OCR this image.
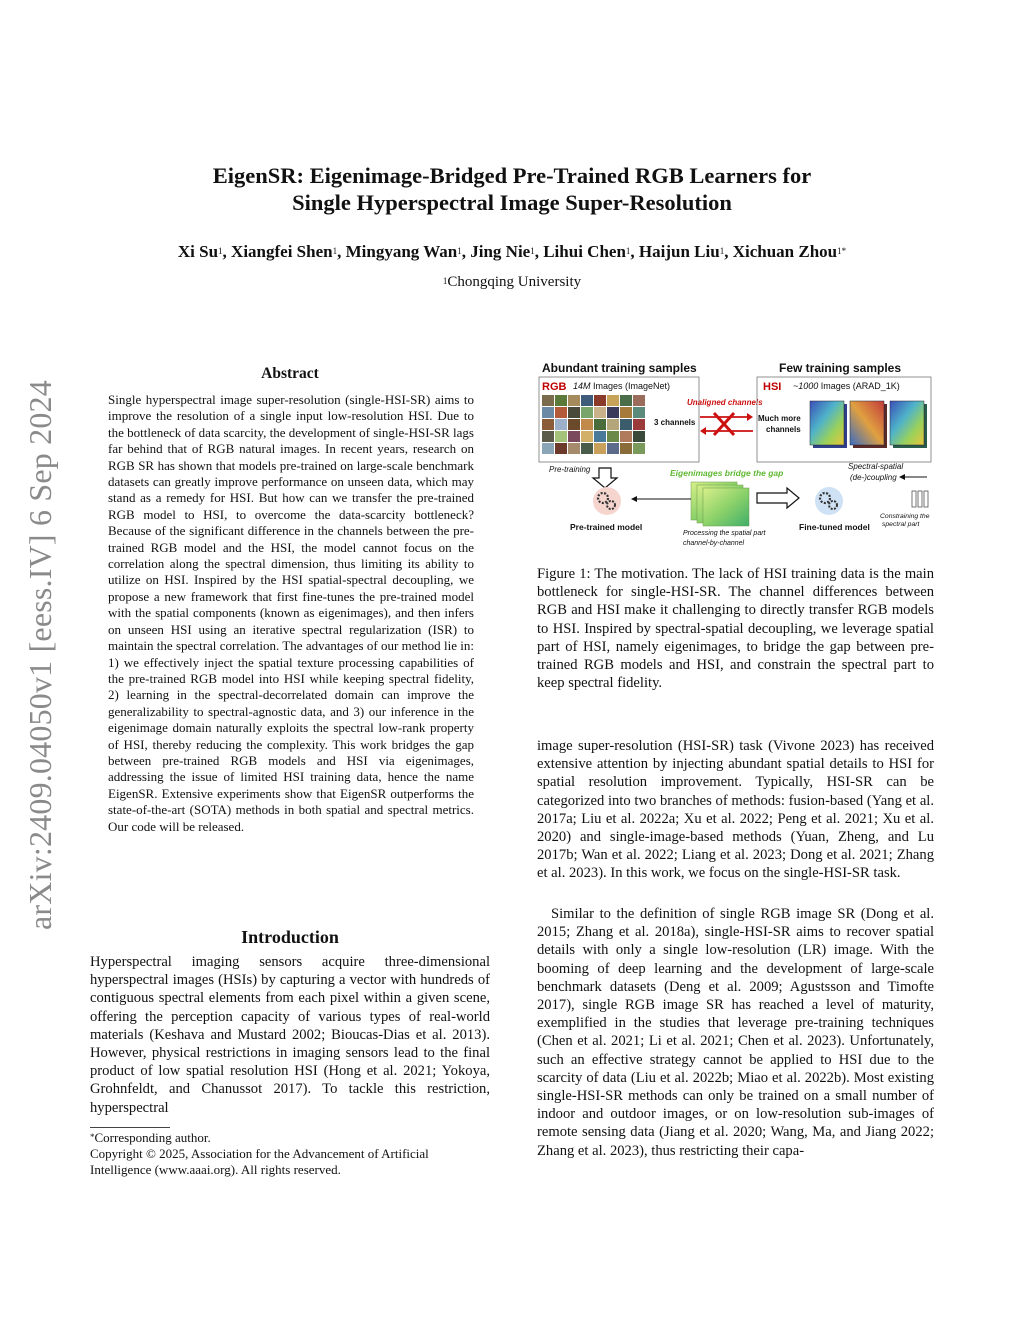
EigenSR: Eigenimage-Bridged Pre-Trained RGB Learners for
Single Hyperspectral Image Super-Resolution
Xi Su$^1$, Xiangfei Shen$^1$, Mingyang Wan$^1$, Jing Nie$^1$, Lihui Chen$^1$, Haijun Liu$^1$, Xichuan Zhou$^{1*}$
$^1$Chongqing University
arXiv:2409.04050v1 [eess.IV] 6 Sep 2024
Abstract
Single hyperspectral image super-resolution (single-HSI-SR) aims to improve the resolution of a single input low-resolution HSI. Due to the bottleneck of data scarcity, the development of single-HSI-SR lags far behind that of RGB natural images. In recent years, research on RGB SR has shown that models pre-trained on large-scale benchmark datasets can greatly improve performance on unseen data, which may stand as a remedy for HSI. But how can we transfer the pre-trained RGB model to HSI, to overcome the data-scarcity bottleneck? Because of the significant difference in the channels between the pre-trained RGB model and the HSI, the model cannot focus on the correlation along the spectral dimension, thus limiting its ability to utilize on HSI. Inspired by the HSI spatial-spectral decoupling, we propose a new framework that first fine-tunes the pre-trained model with the spatial components (known as eigenimages), and then infers on unseen HSI using an iterative spectral regularization (ISR) to maintain the spectral correlation. The advantages of our method lie in: 1) we effectively inject the spatial texture processing capabilities of the pre-trained RGB model into HSI while keeping spectral fidelity, 2) learning in the spectral-decorrelated domain can improve the generalizability to spectral-agnostic data, and 3) our inference in the eigenimage domain naturally exploits the spectral low-rank property of HSI, thereby reducing the complexity. This work bridges the gap between pre-trained RGB models and HSI via eigenimages, addressing the issue of limited HSI training data, hence the name EigenSR. Extensive experiments show that EigenSR outperforms the state-of-the-art (SOTA) methods in both spatial and spectral metrics. Our code will be released.
Introduction
Hyperspectral imaging sensors acquire three-dimensional hyperspectral images (HSIs) by capturing a vector with hundreds of contiguous spectral elements from each pixel within a given scene, offering the perception capacity of various types of real-world materials (Keshava and Mustard 2002; Bioucas-Dias et al. 2013). However, physical restrictions in imaging sensors lead to the final product of low spatial resolution HSI (Hong et al. 2021; Yokoya, Grohnfeldt, and Chanussot 2017). To tackle this restriction, hyperspectral
*Corresponding author.
Copyright © 2025, Association for the Advancement of Artificial Intelligence (www.aaai.org). All rights reserved.
Abundant training samples	Few training samples
RGB 14M Images (ImageNet)
3 channels
Unaligned channels
HSI ~1000 Images (ARAD_1K)
Much more
channels
Pre-training	Eigenimages bridge the gap
Spectral-spatial
(de-)coupling
Pre-trained model
Processing the spatial part
channel-by-channel
Fine-tuned model
Constraining the
spectral part
Figure 1: The motivation. The lack of HSI training data is the main bottleneck for single-HSI-SR. The channel differences between RGB and HSI make it challenging to directly transfer RGB models to HSI. Inspired by spectral-spatial decoupling, we leverage spatial part of HSI, namely eigenimages, to bridge the gap between pre-trained RGB models and HSI, and constrain the spectral part to keep spectral fidelity.
image super-resolution (HSI-SR) task (Vivone 2023) has received extensive attention by injecting abundant spatial details to HSI for spatial resolution improvement. Typically, HSI-SR can be categorized into two branches of methods: fusion-based (Yang et al. 2017a; Liu et al. 2022a; Xu et al. 2022; Peng et al. 2021; Xu et al. 2020) and single-image-based methods (Yuan, Zheng, and Lu 2017b; Wan et al. 2022; Liang et al. 2023; Dong et al. 2021; Zhang et al. 2023). In this work, we focus on the single-HSI-SR task.
Similar to the definition of single RGB image SR (Dong et al. 2015; Zhang et al. 2018a), single-HSI-SR aims to recover spatial details with only a single low-resolution (LR) image. With the booming of deep learning and the development of large-scale benchmark datasets (Deng et al. 2009; Agustsson and Timofte 2017), single RGB image SR has reached a level of maturity, exemplified in the studies that leverage pre-training techniques (Chen et al. 2021; Li et al. 2021; Chen et al. 2023). Unfortunately, such an effective strategy cannot be applied to HSI due to the scarcity of data (Liu et al. 2022b; Miao et al. 2022b). Most existing single-HSI-SR methods can only be trained on a small number of indoor and outdoor images, or on low-resolution sub-images of remote sensing data (Jiang et al. 2020; Wang, Ma, and Jiang 2022; Zhang et al. 2023), thus restricting their capa-
